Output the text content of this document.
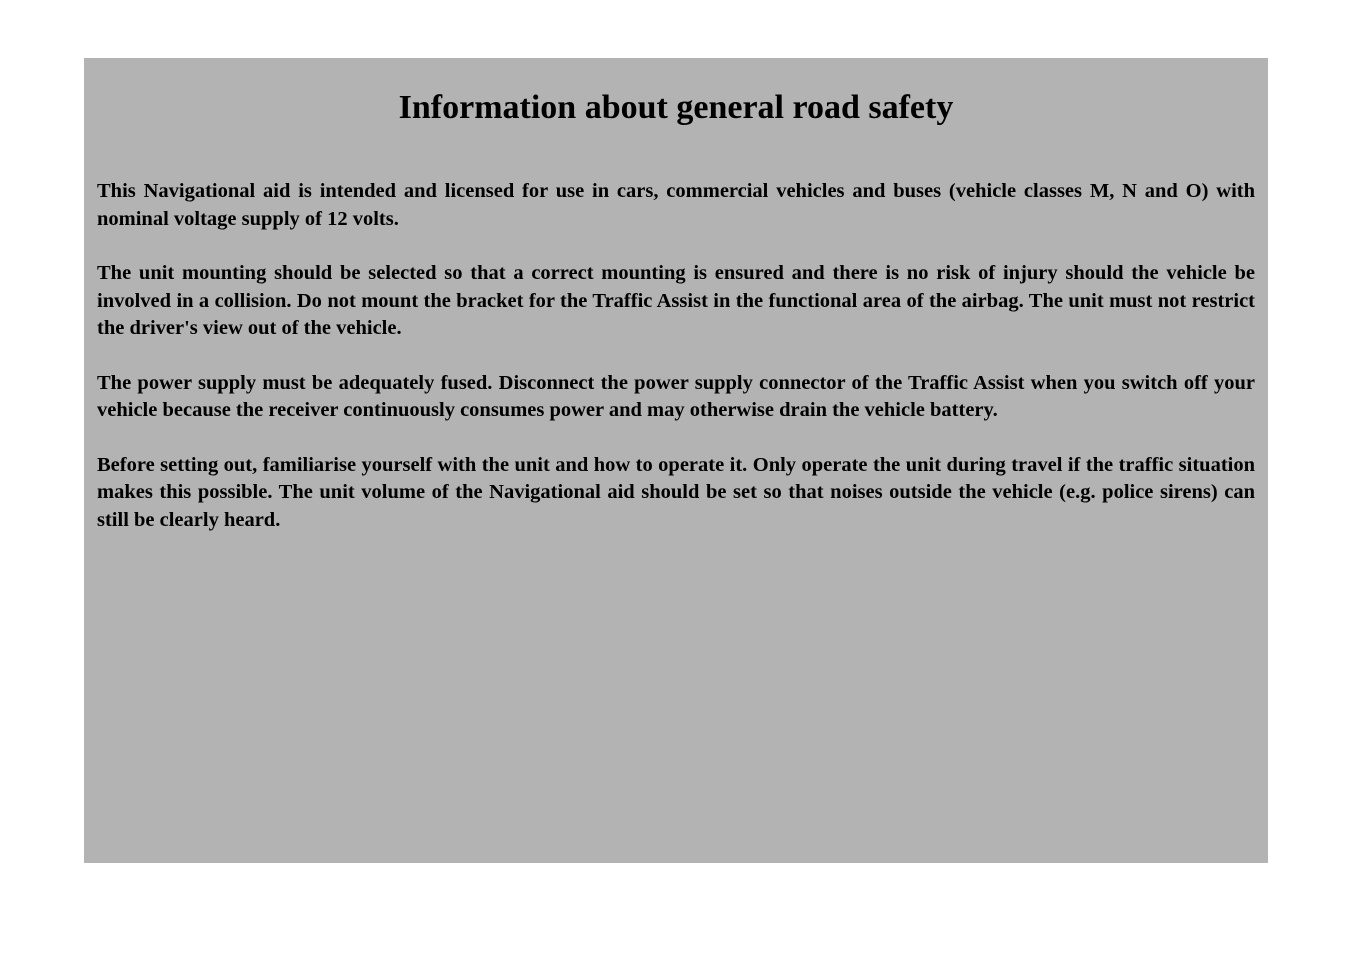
Information about general road safety

This Navigational aid is intended and licensed for use in cars, commercial vehicles and buses (vehicle classes M, N and O) with nominal voltage supply of 12 volts.

The unit mounting should be selected so that a correct mounting is ensured and there is no risk of injury should the vehicle be involved in a collision. Do not mount the bracket for the Traffic Assist in the functional area of the airbag. The unit must not restrict the driver's view out of the vehicle.

The power supply must be adequately fused. Disconnect the power supply connector of the Traffic Assist when you switch off your vehicle because the receiver continuously consumes power and may otherwise drain the vehicle battery.

Before setting out, familiarise yourself with the unit and how to operate it. Only operate the unit during travel if the traffic situation makes this possible. The unit volume of the Navigational aid should be set so that noises outside the vehicle (e.g. police sirens) can still be clearly heard.
